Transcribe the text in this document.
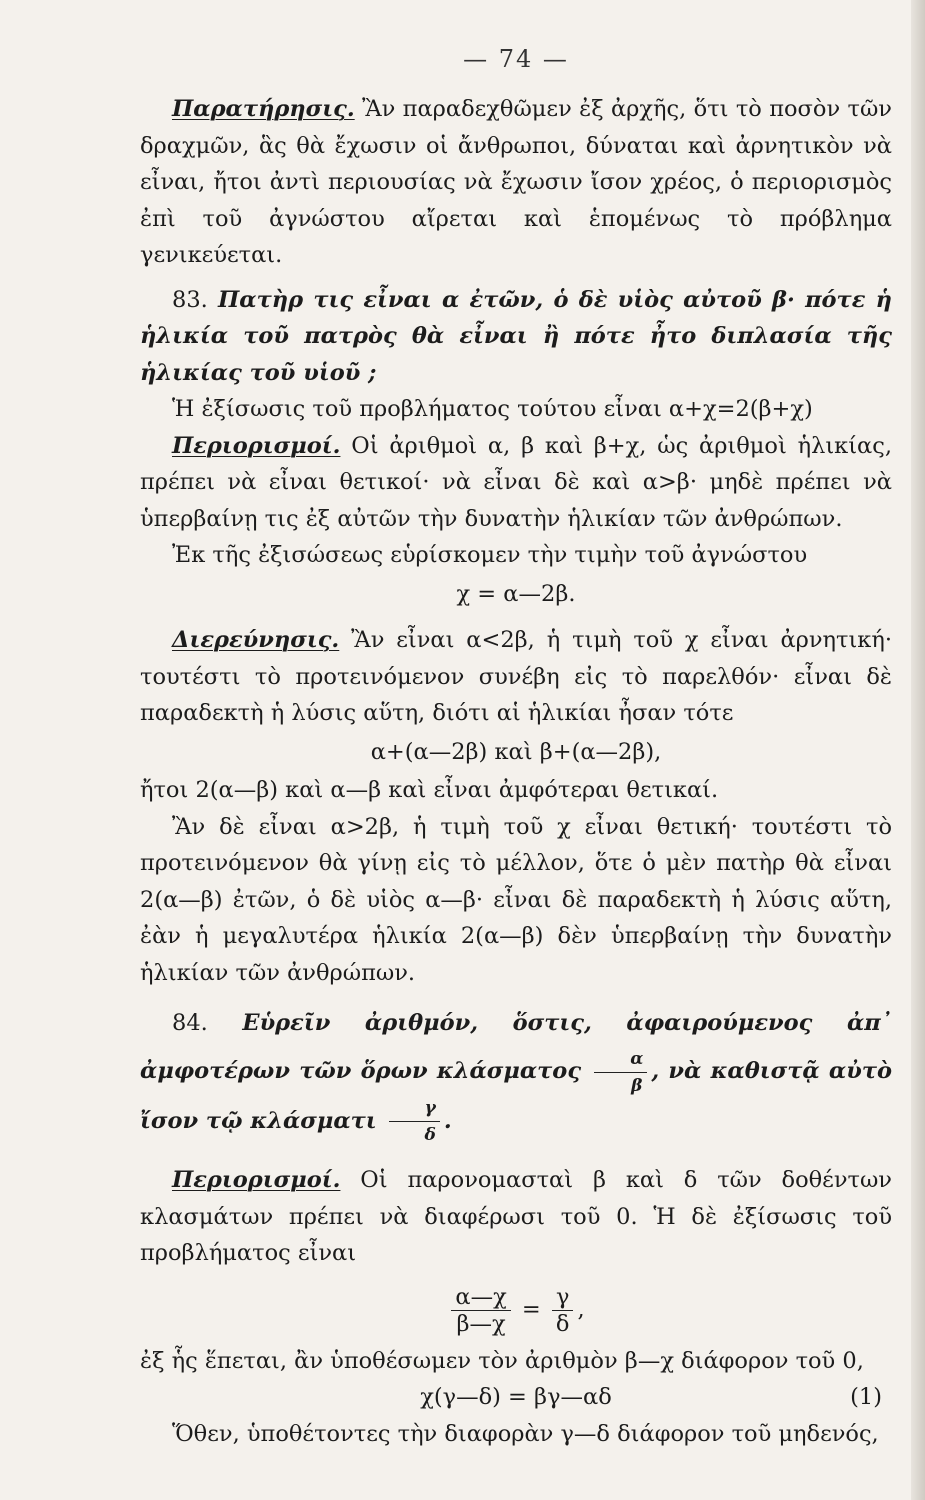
— 74 —

Παρατήρησις. Ἂν παραδεχθῶμεν ἐξ ἀρχῆς, ὅτι τὸ ποσὸν τῶν δραχμῶν, ἃς θὰ ἔχωσιν οἱ ἄνθρωποι, δύναται καὶ ἀρνητικὸν νὰ εἶναι, ἤτοι ἀντὶ περιουσίας νὰ ἔχωσιν ἴσον χρέος, ὁ περιορισμὸς ἐπὶ τοῦ ἀγνώστου αἴρεται καὶ ἑπομένως τὸ πρόβλημα γενικεύεται.

83. Πατὴρ τις εἶναι α ἐτῶν, ὁ δὲ υἱὸς αὐτοῦ β· πότε ἡ ἡλικία τοῦ πατρὸς θὰ εἶναι ἢ πότε ἦτο διπλασία τῆς ἡλικίας τοῦ υἱοῦ ;

Ἡ ἐξίσωσις τοῦ προβλήματος τούτου εἶναι α+χ=2(β+χ)

Περιορισμοί. Οἱ ἀριθμοὶ α, β καὶ β+χ, ὡς ἀριθμοὶ ἡλικίας, πρέπει νὰ εἶναι θετικοί· νὰ εἶναι δὲ καὶ α>β· μηδὲ πρέπει νὰ ὑπερβαίνῃ τις ἐξ αὐτῶν τὴν δυνατὴν ἡλικίαν τῶν ἀνθρώπων.

Ἐκ τῆς ἐξισώσεως εὑρίσκομεν τὴν τιμὴν τοῦ ἀγνώστου

χ = α—2β.

Διερεύνησις. Ἂν εἶναι α<2β, ἡ τιμὴ τοῦ χ εἶναι ἀρνητική· τουτέστι τὸ προτεινόμενον συνέβη εἰς τὸ παρελθόν· εἶναι δὲ παραδεκτὴ ἡ λύσις αὕτη, διότι αἱ ἡλικίαι ἦσαν τότε

α+(α—2β) καὶ β+(α—2β),

ἤτοι 2(α—β) καὶ α—β καὶ εἶναι ἀμφότεραι θετικαί.

Ἂν δὲ εἶναι α>2β, ἡ τιμὴ τοῦ χ εἶναι θετική· τουτέστι τὸ προτεινόμενον θὰ γίνῃ εἰς τὸ μέλλον, ὅτε ὁ μὲν πατὴρ θὰ εἶναι 2(α—β) ἐτῶν, ὁ δὲ υἱὸς α—β· εἶναι δὲ παραδεκτὴ ἡ λύσις αὕτη, ἐὰν ἡ μεγαλυτέρα ἡλικία 2(α—β) δὲν ὑπερβαίνῃ τὴν δυνατὴν ἡλικίαν τῶν ἀνθρώπων.

84. Εὑρεῖν ἀριθμόν, ὅστις, ἀφαιρούμενος ἀπ᾽ ἀμφοτέρων τῶν ὅρων κλάσματος $\frac{\alpha}{\beta}$ , νὰ καθιστᾷ αὐτὸ ἴσον τῷ κλάσματι $\frac{\gamma}{\delta}$ .

Περιορισμοί. Οἱ παρονομασταὶ β καὶ δ τῶν δοθέντων κλασμάτων πρέπει νὰ διαφέρωσι τοῦ 0. Ἡ δὲ ἐξίσωσις τοῦ προβλήματος εἶναι

$\frac{\alpha—\chi}{\beta—\chi} = \frac{\gamma}{\delta}$ ,

ἐξ ἧς ἕπεται, ἂν ὑποθέσωμεν τὸν ἀριθμὸν β—χ διάφορον τοῦ 0,

χ(γ—δ) = βγ—αδ	(1)

Ὅθεν, ὑποθέτοντες τὴν διαφορὰν γ—δ διάφορον τοῦ μηδενός,
